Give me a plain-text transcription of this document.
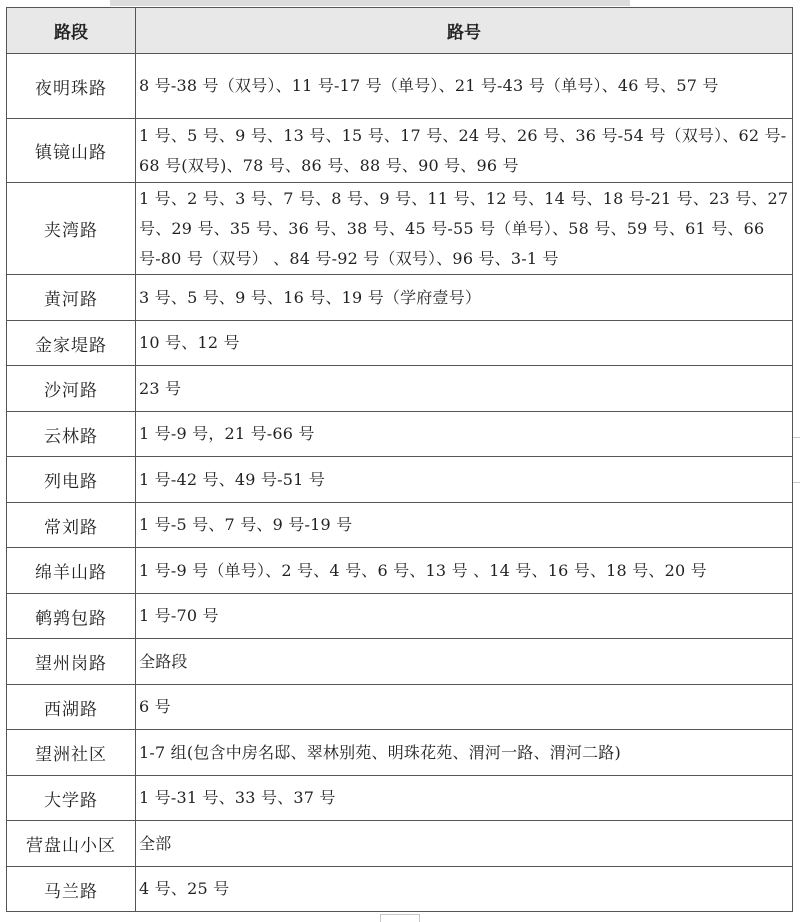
路段	路号
夜明珠路	8 号-38 号（双号）、11 号-17 号（单号）、21 号-43 号（单号）、46 号、57 号
镇镜山路	1 号、5 号、9 号、13 号、15 号、17 号、24 号、26 号、36 号-54 号（双号）、62 号-68 号(双号)、78 号、86 号、88 号、90 号、96 号
夹湾路	1 号、2 号、3 号、7 号、8 号、9 号、11 号、12 号、14 号、18 号-21 号、23 号、27 号、29 号、35 号、36 号、38 号、45 号-55 号（单号）、58 号、59 号、61 号、66 号-80 号（双号） 、84 号-92 号（双号）、96 号、3-1 号
黄河路	3 号、5 号、9 号、16 号、19 号（学府壹号）
金家堤路	10 号、12 号
沙河路	23 号
云林路	1 号-9 号，21 号-66 号
列电路	1 号-42 号、49 号-51 号
常刘路	1 号-5 号、7 号、9 号-19 号
绵羊山路	1 号-9 号（单号）、2 号、4 号、6 号、13 号 、14 号、16 号、18 号、20 号
鹌鹑包路	1 号-70 号
望州岗路	全路段
西湖路	6 号
望洲社区	1-7 组(包含中房名邸、翠林别苑、明珠花苑、渭河一路、渭河二路)
大学路	1 号-31 号、33 号、37 号
营盘山小区	全部
马兰路	4 号、25 号
